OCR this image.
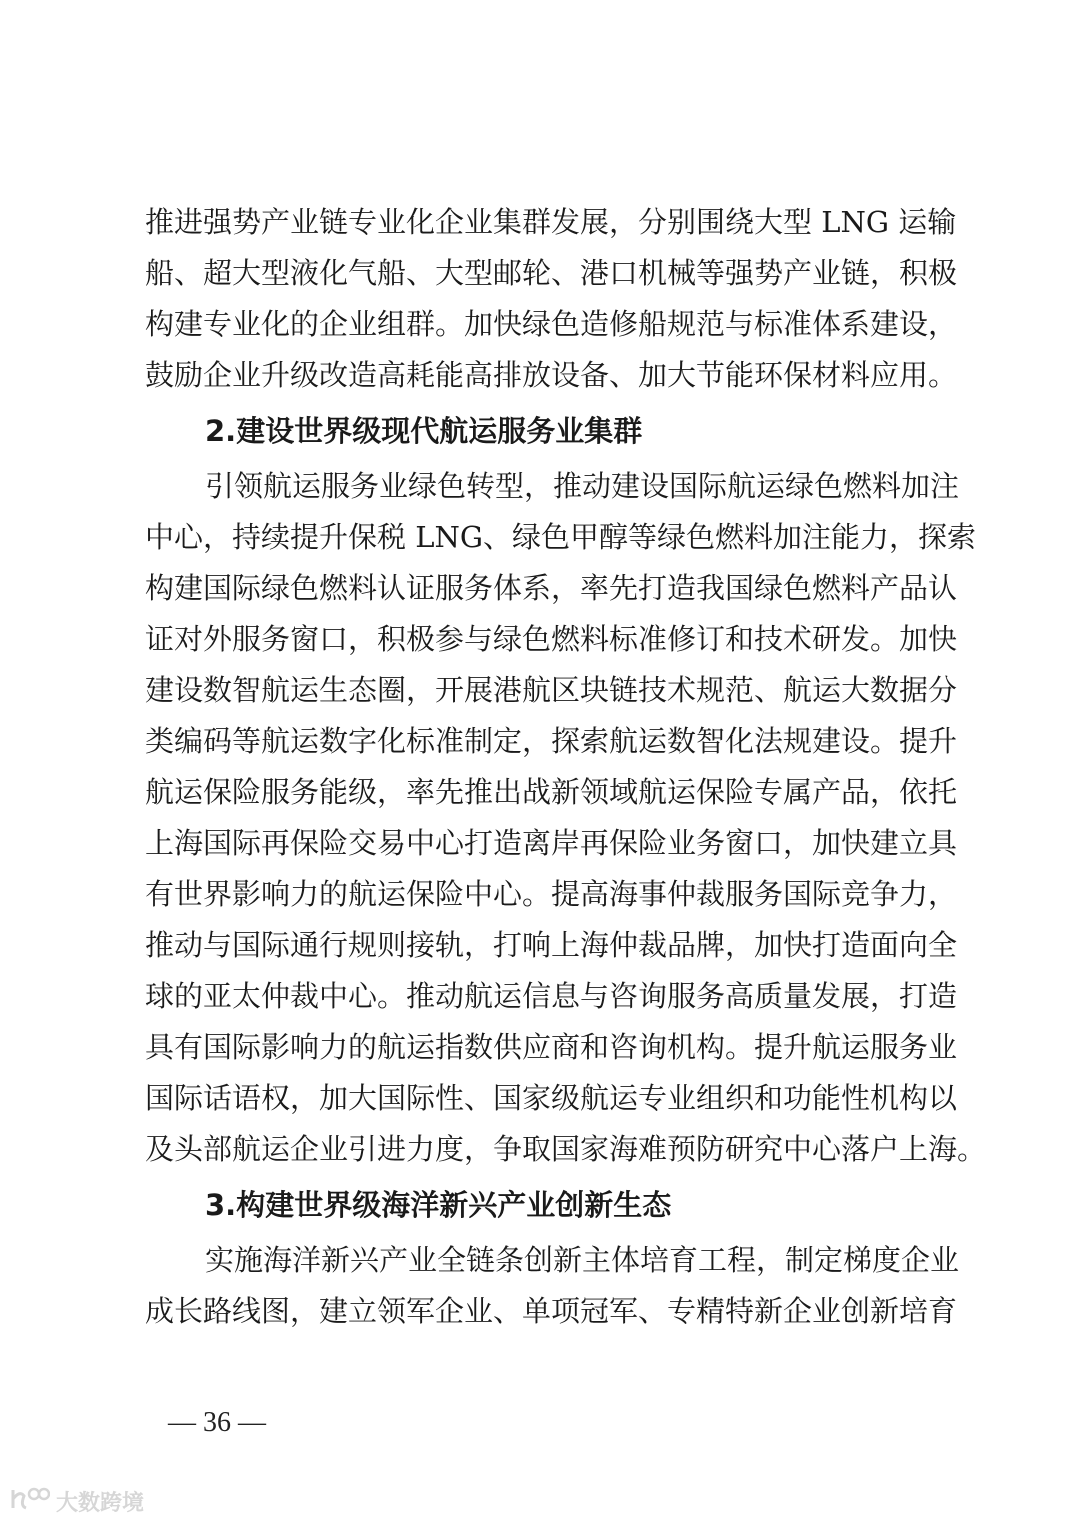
推进强势产业链专业化企业集群发展，分别围绕大型 LNG 运输
船、超大型液化气船、大型邮轮、港口机械等强势产业链，积极
构建专业化的企业组群。加快绿色造修船规范与标准体系建设，
鼓励企业升级改造高耗能高排放设备、加大节能环保材料应用。
2.建设世界级现代航运服务业集群
引领航运服务业绿色转型，推动建设国际航运绿色燃料加注
中心，持续提升保税 LNG、绿色甲醇等绿色燃料加注能力，探索
构建国际绿色燃料认证服务体系，率先打造我国绿色燃料产品认
证对外服务窗口，积极参与绿色燃料标准修订和技术研发。加快
建设数智航运生态圈，开展港航区块链技术规范、航运大数据分
类编码等航运数字化标准制定，探索航运数智化法规建设。提升
航运保险服务能级，率先推出战新领域航运保险专属产品，依托
上海国际再保险交易中心打造离岸再保险业务窗口，加快建立具
有世界影响力的航运保险中心。提高海事仲裁服务国际竞争力，
推动与国际通行规则接轨，打响上海仲裁品牌，加快打造面向全
球的亚太仲裁中心。推动航运信息与咨询服务高质量发展，打造
具有国际影响力的航运指数供应商和咨询机构。提升航运服务业
国际话语权，加大国际性、国家级航运专业组织和功能性机构以
及头部航运企业引进力度，争取国家海难预防研究中心落户上海。
3.构建世界级海洋新兴产业创新生态
实施海洋新兴产业全链条创新主体培育工程，制定梯度企业
成长路线图，建立领军企业、单项冠军、专精特新企业创新培育
— 36 —
大数跨境
